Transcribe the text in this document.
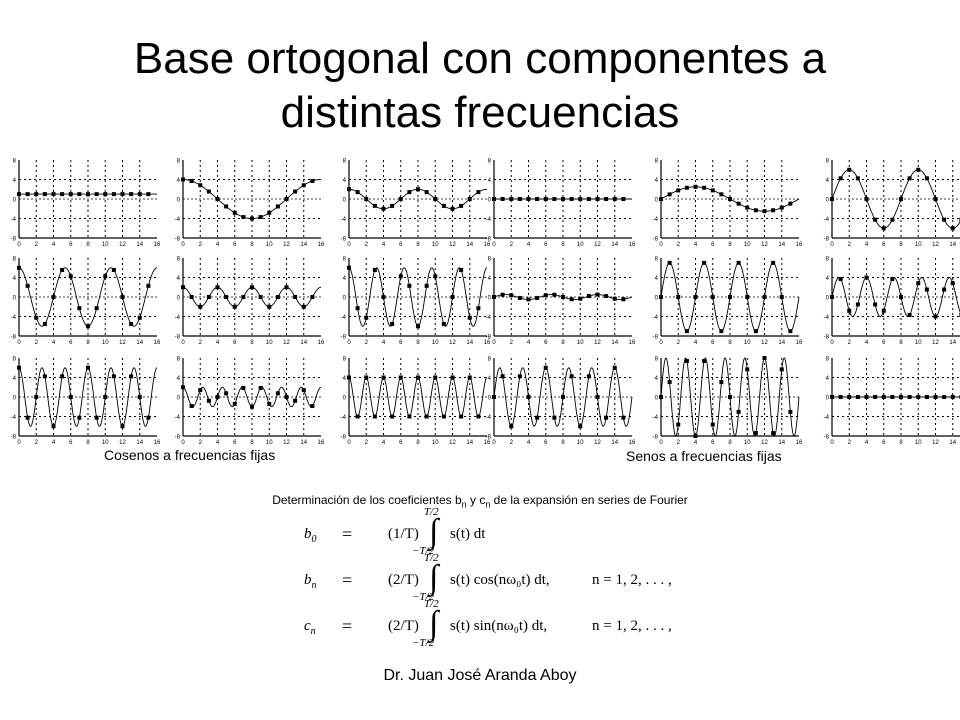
Base ortogonal con componentes a
distintas frecuencias
8
4
0
-4
-8
0 2 4 6 8 10 12 14 16
8
4
0
-4
-8
0 2 4 6 8 10 12 14 16
8
4
0
-4
-8
0 2 4 6 8 10 12 14 16
8
4
0
-4
-8
0 2 4 6 8 10 12 14 16
8
4
0
-4
-8
0 2 4 6 8 10 12 14 16
8
4
0
-4
-8
0 2 4 6 8 10 12 14 16
8
4
0
-4
-8
0 2 4 6 8 10 12 14 16
8
4
0
-4
-8
0 2 4 6 8 10 12 14 16
8
4
0
-4
-8
0 2 4 6 8 10 12 14 16
8
4
0
-4
-8
0 2 4 6 8 10 12 14 16
8
4
0
-4
-8
0 2 4 6 8 10 12 14 16
8
4
0
-4
-8
0 2 4 6 8 10 12 14
8
4
0
-4
-8
0 2 4 6 8 10 12 14 16
8
4
0
-4
-8
0 2 4 6 8 10 12 14 16
8
4
0
-4
-8
0 2 4 6 8 10 12 14
8
4
0
-4
-8
0 2 4 6 8 10 12 14 16
8
4
0
-4
-8
0 2 4 6 8 10 12 14 16
8
4
0
-4
-8
0 2 4 6 8 10 12 14
Cosenos a frecuencias fijas	Senos a frecuencias fijas
Determinación de los coeficientes $b_n$ y $c_n$ de la expansión en series de Fourier
$b_0 = (1/T)$ ∫
T/2
−T/2
s(t) dt
$b_n = (2/T)$ ∫
T/2
−T/2
s(t) cos(nω₀t) dt,	n = 1, 2, . . . ,
$c_n = (2/T)$ ∫
T/2
−T/2
s(t) sin(nω₀t) dt,	n = 1, 2, . . . ,
Dr. Juan José Aranda Aboy
